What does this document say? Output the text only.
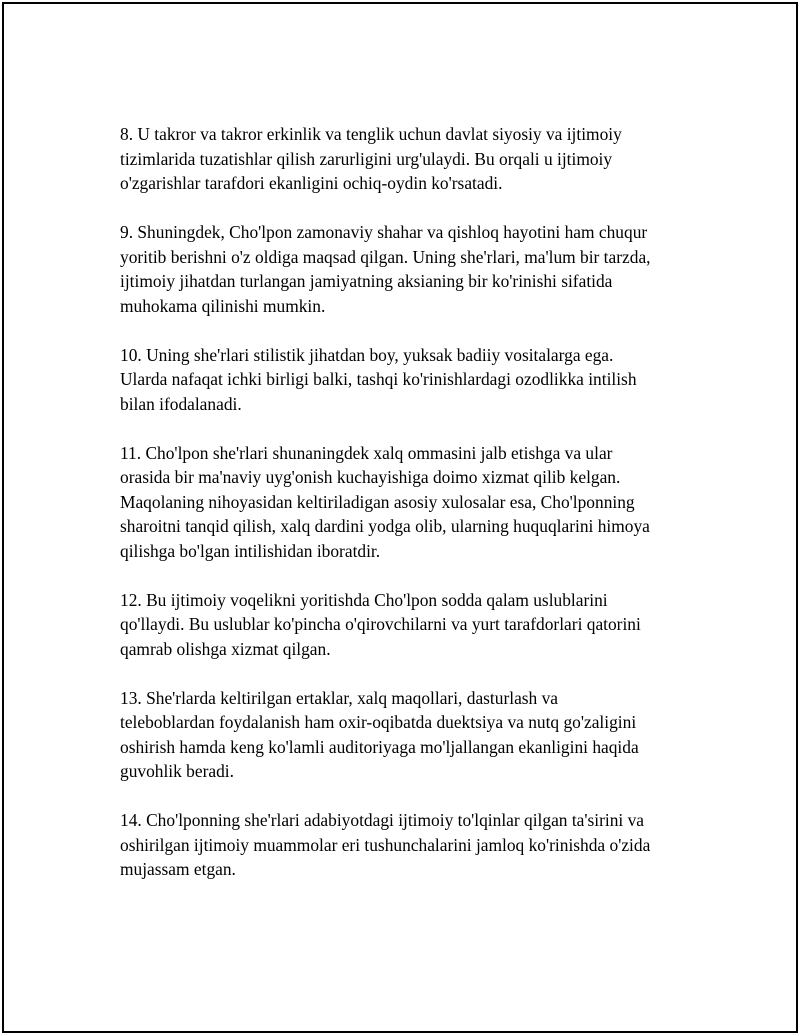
8. U takror va takror erkinlik va tenglik uchun davlat siyosiy va ijtimoiy
tizimlarida tuzatishlar qilish zarurligini urg'ulaydi. Bu orqali u ijtimoiy
o'zgarishlar tarafdori ekanligini ochiq-oydin ko'rsatadi.

9. Shuningdek, Cho'lpon zamonaviy shahar va qishloq hayotini ham chuqur
yoritib berishni o'z oldiga maqsad qilgan. Uning she'rlari, ma'lum bir tarzda,
ijtimoiy jihatdan turlangan jamiyatning aksianing bir ko'rinishi sifatida
muhokama qilinishi mumkin.

10. Uning she'rlari stilistik jihatdan boy, yuksak badiiy vositalarga ega.
Ularda nafaqat ichki birligi balki, tashqi ko'rinishlardagi ozodlikka intilish
bilan ifodalanadi.

11. Cho'lpon she'rlari shunaningdek xalq ommasini jalb etishga va ular
orasida bir ma'naviy uyg'onish kuchayishiga doimo xizmat qilib kelgan.
Maqolaning nihoyasidan keltiriladigan asosiy xulosalar esa, Cho'lponning
sharoitni tanqid qilish, xalq dardini yodga olib, ularning huquqlarini himoya
qilishga bo'lgan intilishidan iboratdir.

12. Bu ijtimoiy voqelikni yoritishda Cho'lpon sodda qalam uslublarini
qo'llaydi. Bu uslublar ko'pincha o'qirovchilarni va yurt tarafdorlari qatorini
qamrab olishga xizmat qilgan.

13. She'rlarda keltirilgan ertaklar, xalq maqollari, dasturlash va
teleboblardan foydalanish ham oxir-oqibatda duektsiya va nutq go'zaligini
oshirish hamda keng ko'lamli auditoriyaga mo'ljallangan ekanligini haqida
guvohlik beradi.

14. Cho'lponning she'rlari adabiyotdagi ijtimoiy to'lqinlar qilgan ta'sirini va
oshirilgan ijtimoiy muammolar eri tushunchalarini jamloq ko'rinishda o'zida
mujassam etgan.
